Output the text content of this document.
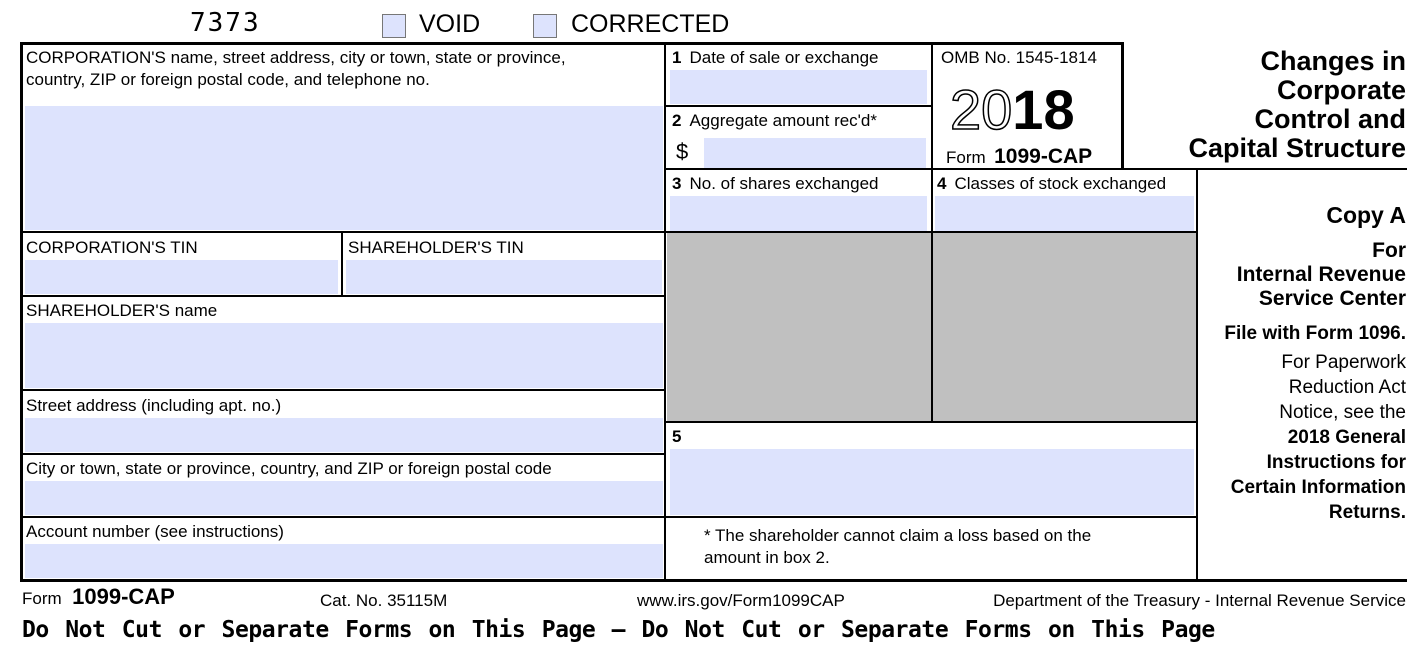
7373	VOID	CORRECTED
CORPORATION'S name, street address, city or town, state or province,
country, ZIP or foreign postal code, and telephone no.
CORPORATION'S TIN	SHAREHOLDER'S TIN
SHAREHOLDER'S name
Street address (including apt. no.)
City or town, state or province, country, and ZIP or foreign postal code
Account number (see instructions)
1 Date of sale or exchange
2 Aggregate amount rec'd*
$
3 No. of shares exchanged	4 Classes of stock exchanged
5
* The shareholder cannot claim a loss based on the
amount in box 2.
OMB No. 1545-1814
2018
Form 1099-CAP
Changes in
Corporate
Control and
Capital Structure
Copy A
For
Internal Revenue
Service Center
File with Form 1096.
For Paperwork
Reduction Act
Notice, see the
2018 General
Instructions for
Certain Information
Returns.
Form 1099-CAP	Cat. No. 35115M	www.irs.gov/Form1099CAP	Department of the Treasury - Internal Revenue Service
Do Not Cut or Separate Forms on This Page — Do Not Cut or Separate Forms on This Page
